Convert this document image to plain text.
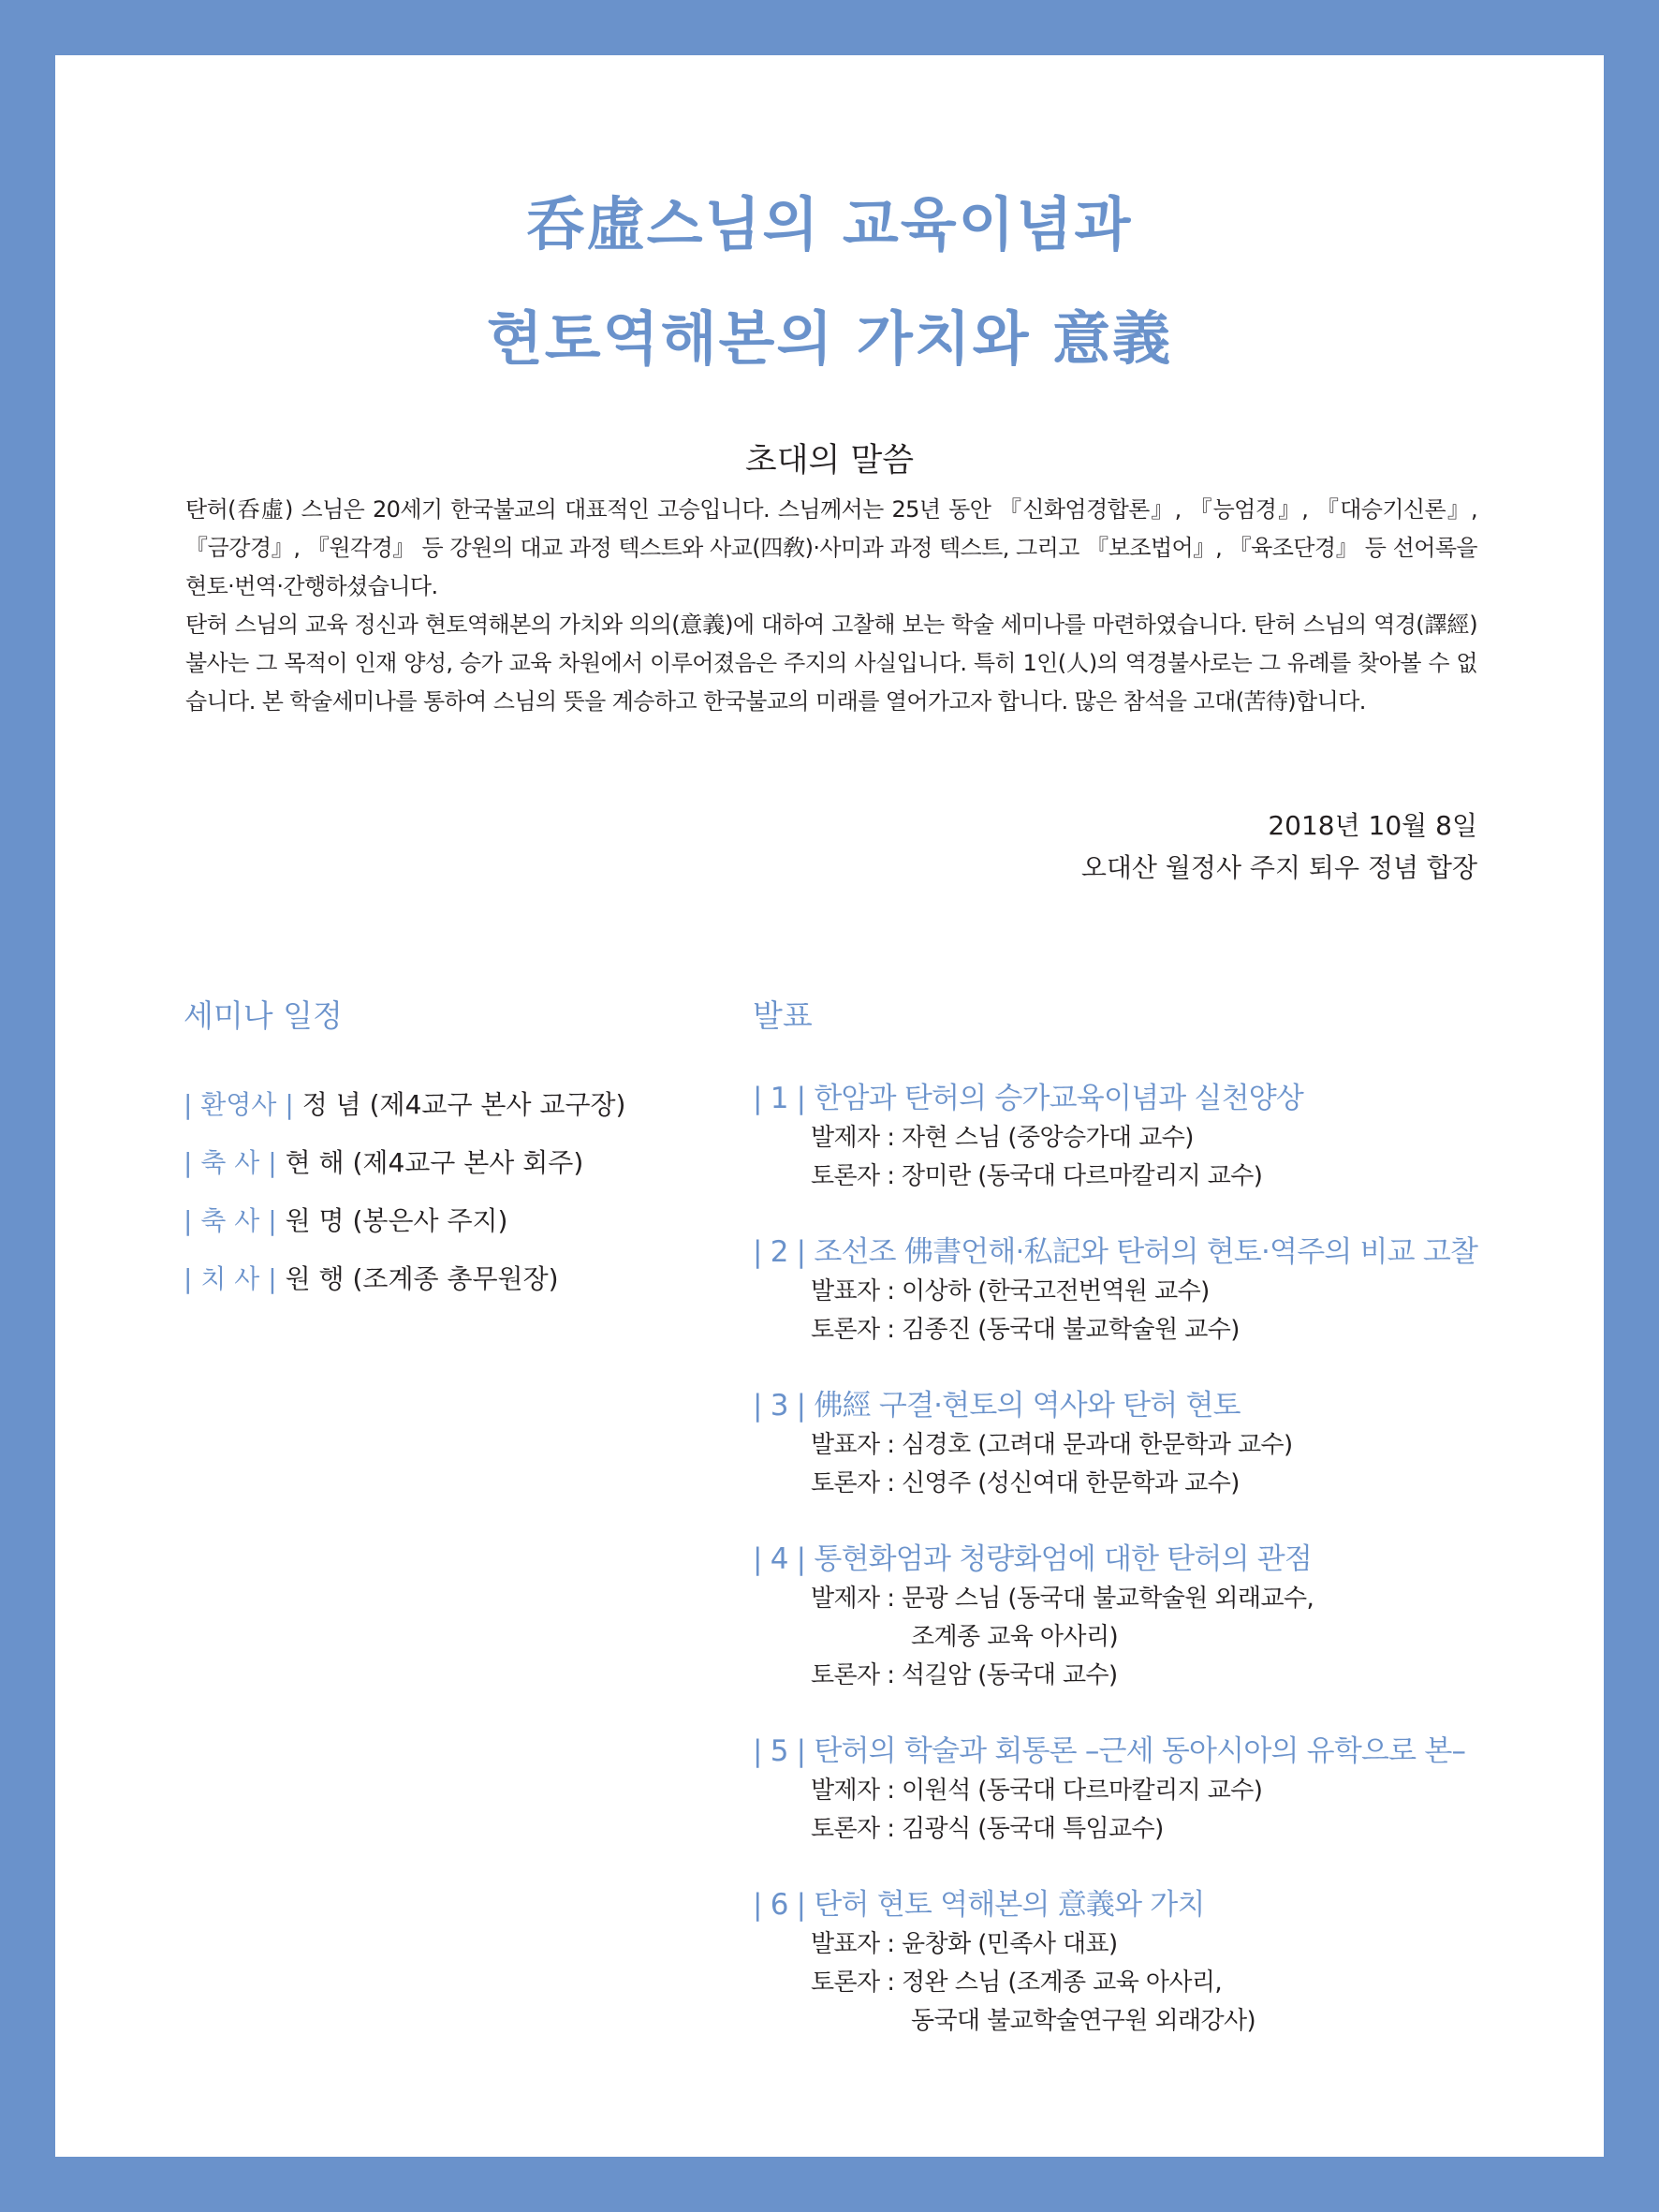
呑虛스님의 교육이념과
현토역해본의 가치와 意義
초대의 말씀

탄허(呑虛) 스님은 20세기 한국불교의 대표적인 고승입니다. 스님께서는 25년 동안 『신화엄경합론』, 『능엄경』, 『대승기신론』, 『금강경』, 『원각경』 등 강원의 대교 과정 텍스트와 사교(四敎)·사미과 과정 텍스트, 그리고 『보조법어』, 『육조단경』 등 선어록을 현토·번역·간행하셨습니다.

탄허 스님의 교육 정신과 현토역해본의 가치와 의의(意義)에 대하여 고찰해 보는 학술 세미나를 마련하였습니다. 탄허 스님의 역경(譯經) 불사는 그 목적이 인재 양성, 승가 교육 차원에서 이루어졌음은 주지의 사실입니다. 특히 1인(人)의 역경불사로는 그 유례를 찾아볼 수 없습니다. 본 학술세미나를 통하여 스님의 뜻을 계승하고 한국불교의 미래를 열어가고자 합니다. 많은 참석을 고대(苦待)합니다.

2018년 10월 8일
오대산 월정사 주지 퇴우 정념 합장
세미나 일정	발표
| 환영사 | 정 념 (제4교구 본사 교구장)
| 축 사 | 현 해 (제4교구 본사 회주)
| 축 사 | 원 명 (봉은사 주지)
| 치 사 | 원 행 (조계종 총무원장)
| 1 | 한암과 탄허의 승가교육이념과 실천양상
발제자 : 자현 스님 (중앙승가대 교수)
토론자 : 장미란 (동국대 다르마칼리지 교수)
| 2 | 조선조 佛書언해·私記와 탄허의 현토·역주의 비교 고찰
발표자 : 이상하 (한국고전번역원 교수)
토론자 : 김종진 (동국대 불교학술원 교수)
| 3 | 佛經 구결·현토의 역사와 탄허 현토
발표자 : 심경호 (고려대 문과대 한문학과 교수)
토론자 : 신영주 (성신여대 한문학과 교수)
| 4 | 통현화엄과 청량화엄에 대한 탄허의 관점
발제자 : 문광 스님 (동국대 불교학술원 외래교수,
조계종 교육 아사리)
토론자 : 석길암 (동국대 교수)
| 5 | 탄허의 학술과 회통론 –근세 동아시아의 유학으로 본–
발제자 : 이원석 (동국대 다르마칼리지 교수)
토론자 : 김광식 (동국대 특임교수)
| 6 | 탄허 현토 역해본의 意義와 가치
발표자 : 윤창화 (민족사 대표)
토론자 : 정완 스님 (조계종 교육 아사리,
동국대 불교학술연구원 외래강사)
